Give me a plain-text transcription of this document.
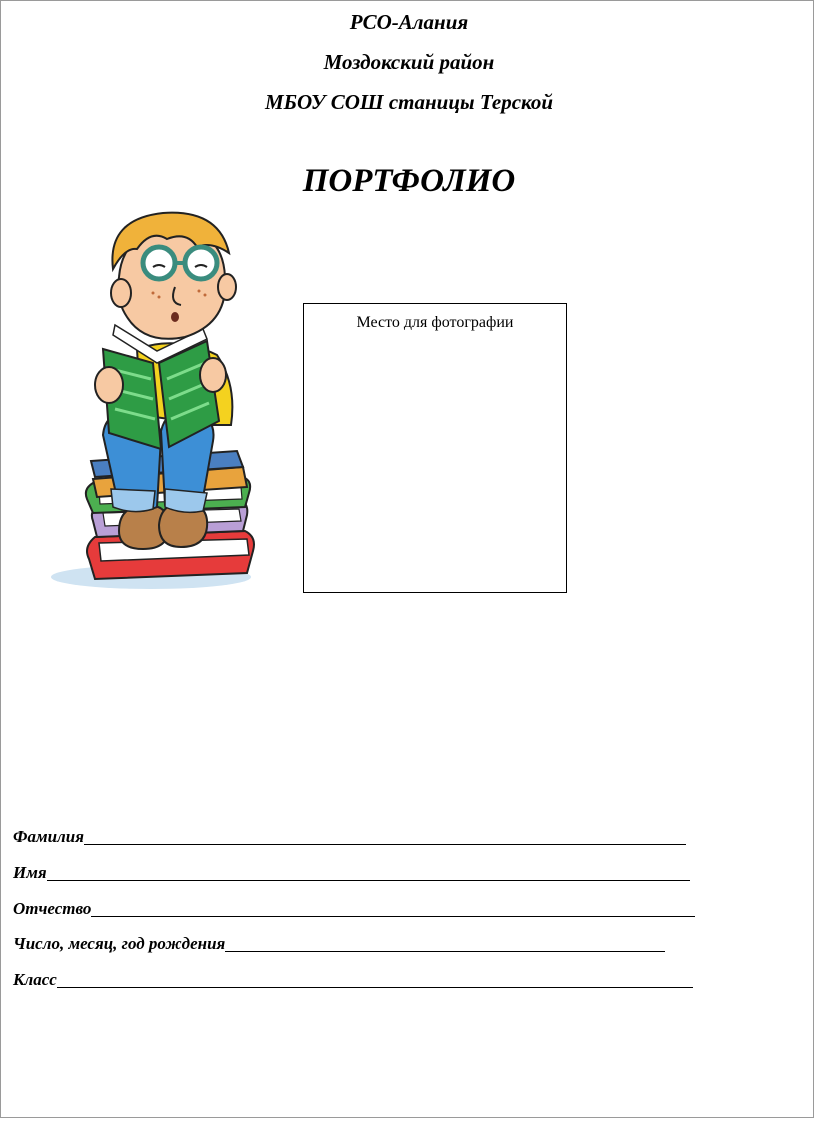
РСО-Алания
Моздокский район
МБОУ СОШ станицы Терской
ПОРТФОЛИО
Место для фотографии
Фамилия
Имя
Отчество
Число, месяц, год рождения
Класс
